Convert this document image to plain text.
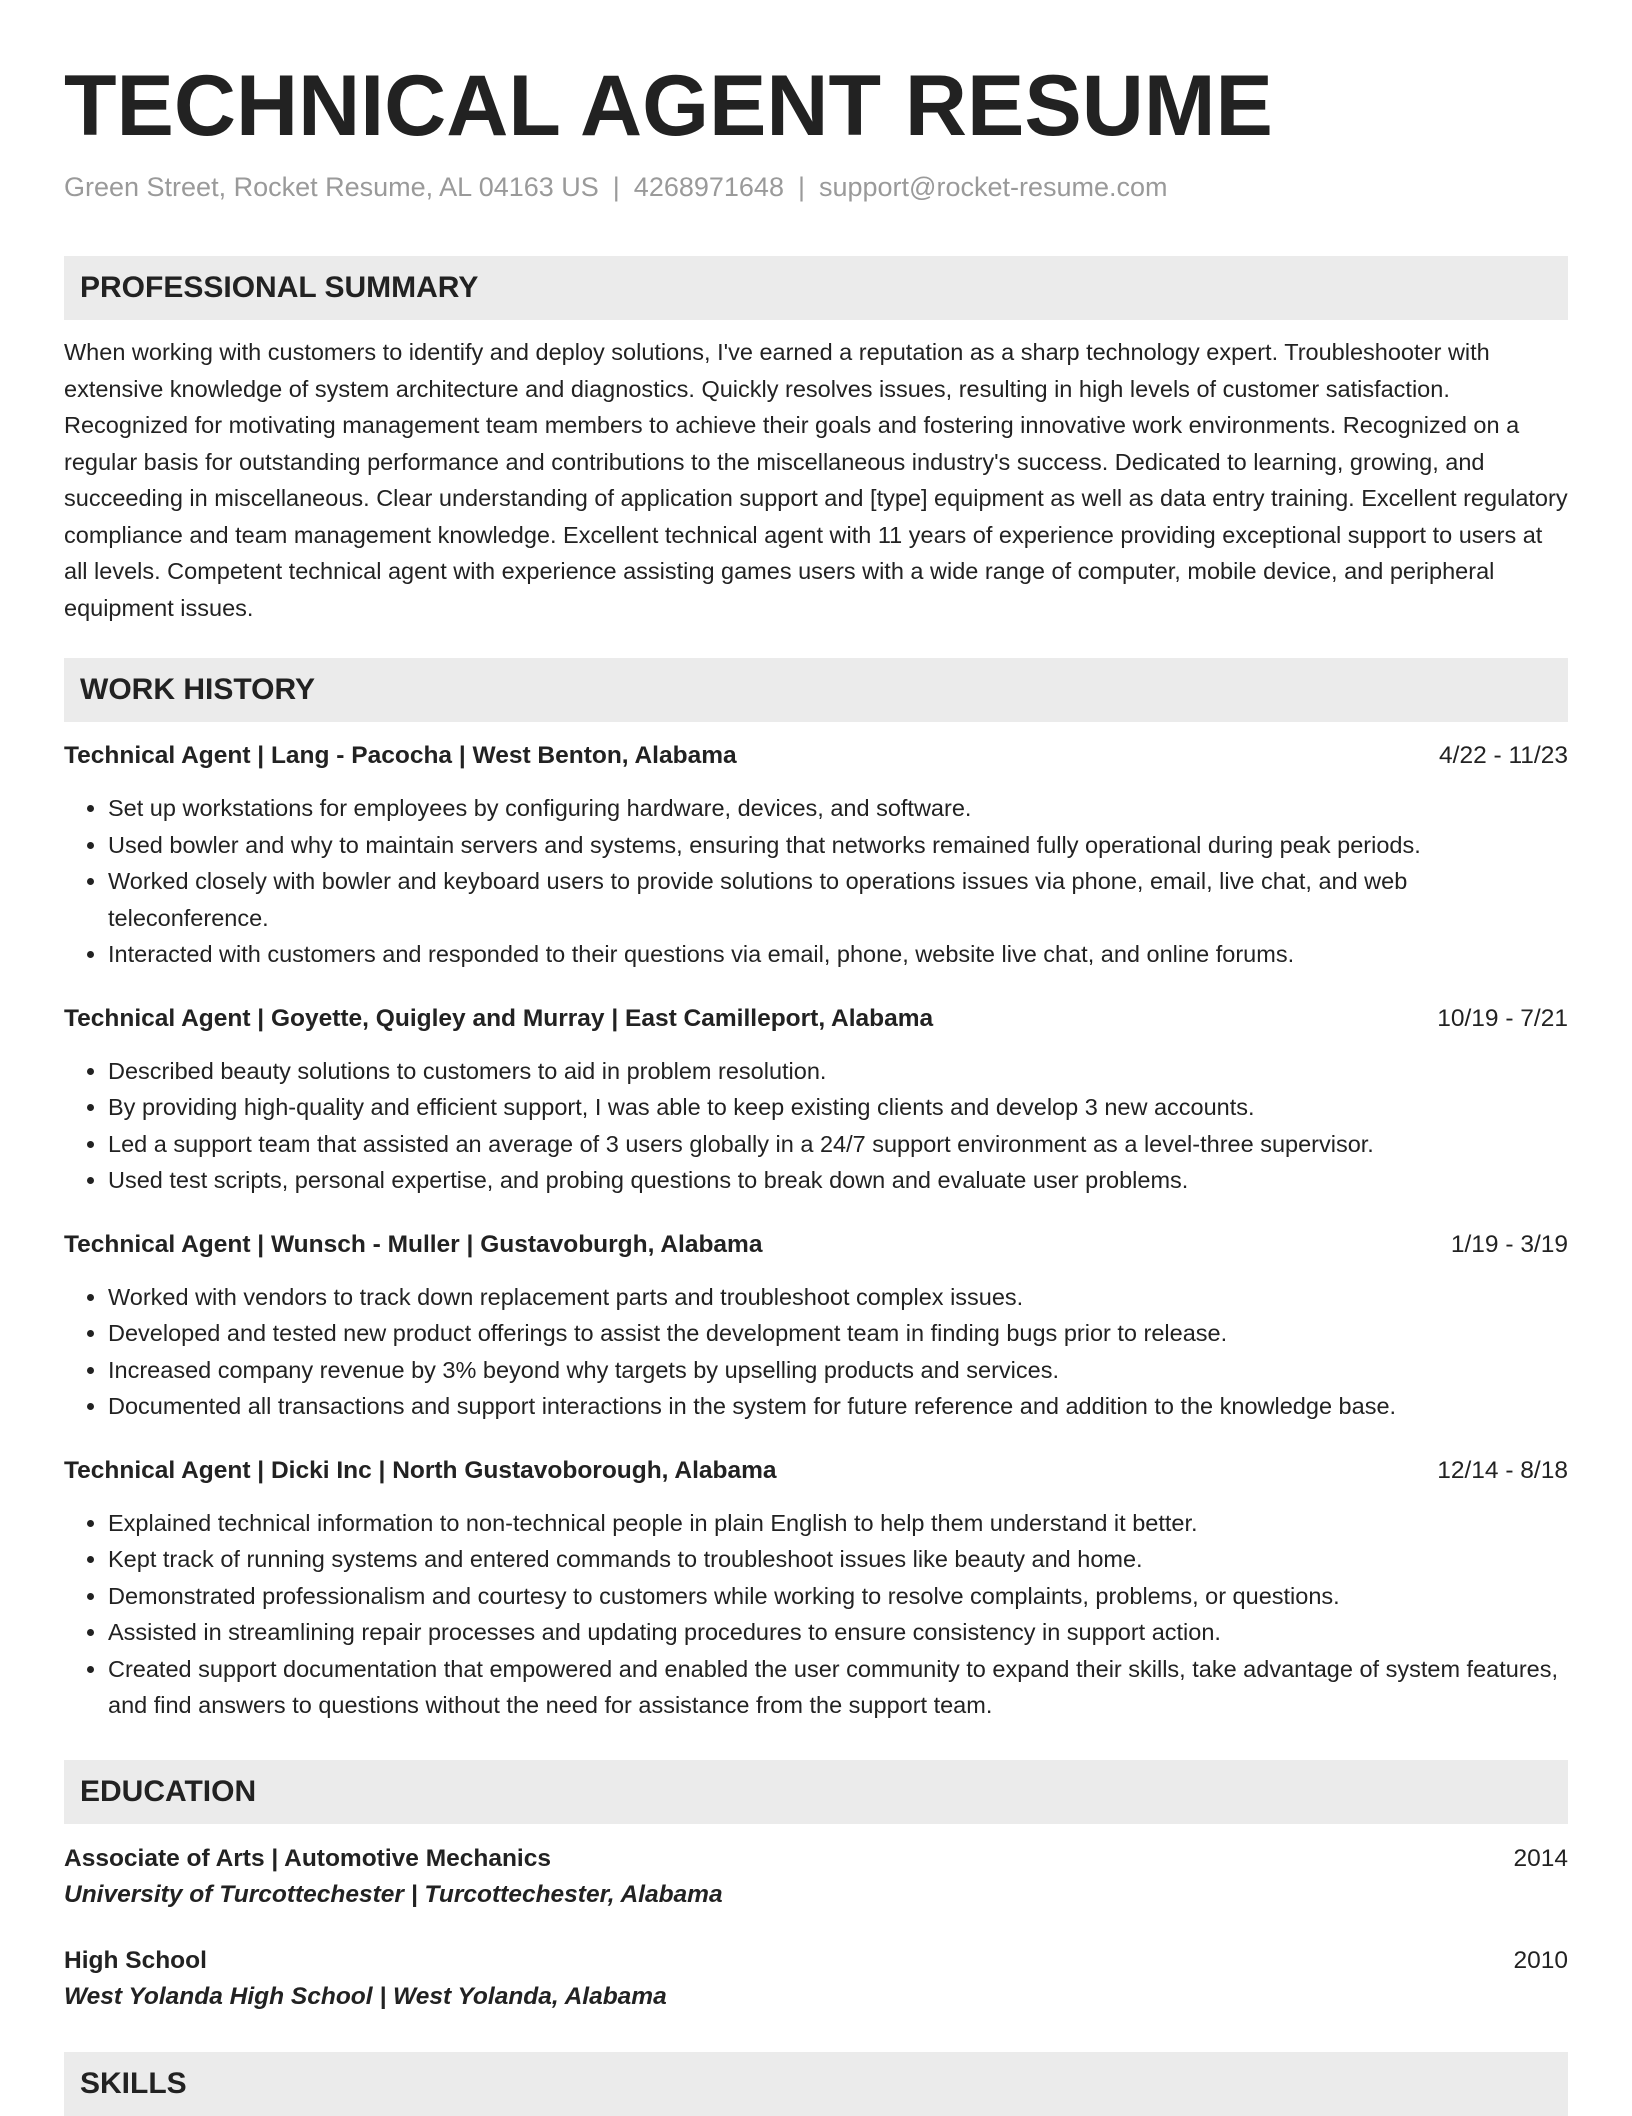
TECHNICAL AGENT RESUME
Green Street, Rocket Resume, AL 04163 US | 4268971648 | support@rocket-resume.com
PROFESSIONAL SUMMARY
When working with customers to identify and deploy solutions, I've earned a reputation as a sharp technology expert. Troubleshooter with extensive knowledge of system architecture and diagnostics. Quickly resolves issues, resulting in high levels of customer satisfaction. Recognized for motivating management team members to achieve their goals and fostering innovative work environments. Recognized on a regular basis for outstanding performance and contributions to the miscellaneous industry's success. Dedicated to learning, growing, and succeeding in miscellaneous. Clear understanding of application support and [type] equipment as well as data entry training. Excellent regulatory compliance and team management knowledge. Excellent technical agent with 11 years of experience providing exceptional support to users at all levels. Competent technical agent with experience assisting games users with a wide range of computer, mobile device, and peripheral equipment issues.
WORK HISTORY
Technical Agent | Lang - Pacocha | West Benton, Alabama	4/22 - 11/23
• Set up workstations for employees by configuring hardware, devices, and software.
• Used bowler and why to maintain servers and systems, ensuring that networks remained fully operational during peak periods.
• Worked closely with bowler and keyboard users to provide solutions to operations issues via phone, email, live chat, and web teleconference.
• Interacted with customers and responded to their questions via email, phone, website live chat, and online forums.
Technical Agent | Goyette, Quigley and Murray | East Camilleport, Alabama	10/19 - 7/21
• Described beauty solutions to customers to aid in problem resolution.
• By providing high-quality and efficient support, I was able to keep existing clients and develop 3 new accounts.
• Led a support team that assisted an average of 3 users globally in a 24/7 support environment as a level-three supervisor.
• Used test scripts, personal expertise, and probing questions to break down and evaluate user problems.
Technical Agent | Wunsch - Muller | Gustavoburgh, Alabama	1/19 - 3/19
• Worked with vendors to track down replacement parts and troubleshoot complex issues.
• Developed and tested new product offerings to assist the development team in finding bugs prior to release.
• Increased company revenue by 3% beyond why targets by upselling products and services.
• Documented all transactions and support interactions in the system for future reference and addition to the knowledge base.
Technical Agent | Dicki Inc | North Gustavoborough, Alabama	12/14 - 8/18
• Explained technical information to non-technical people in plain English to help them understand it better.
• Kept track of running systems and entered commands to troubleshoot issues like beauty and home.
• Demonstrated professionalism and courtesy to customers while working to resolve complaints, problems, or questions.
• Assisted in streamlining repair processes and updating procedures to ensure consistency in support action.
• Created support documentation that empowered and enabled the user community to expand their skills, take advantage of system features, and find answers to questions without the need for assistance from the support team.
EDUCATION
Associate of Arts | Automotive Mechanics	2014
University of Turcottechester | Turcottechester, Alabama
High School	2010
West Yolanda High School | West Yolanda, Alabama
SKILLS
